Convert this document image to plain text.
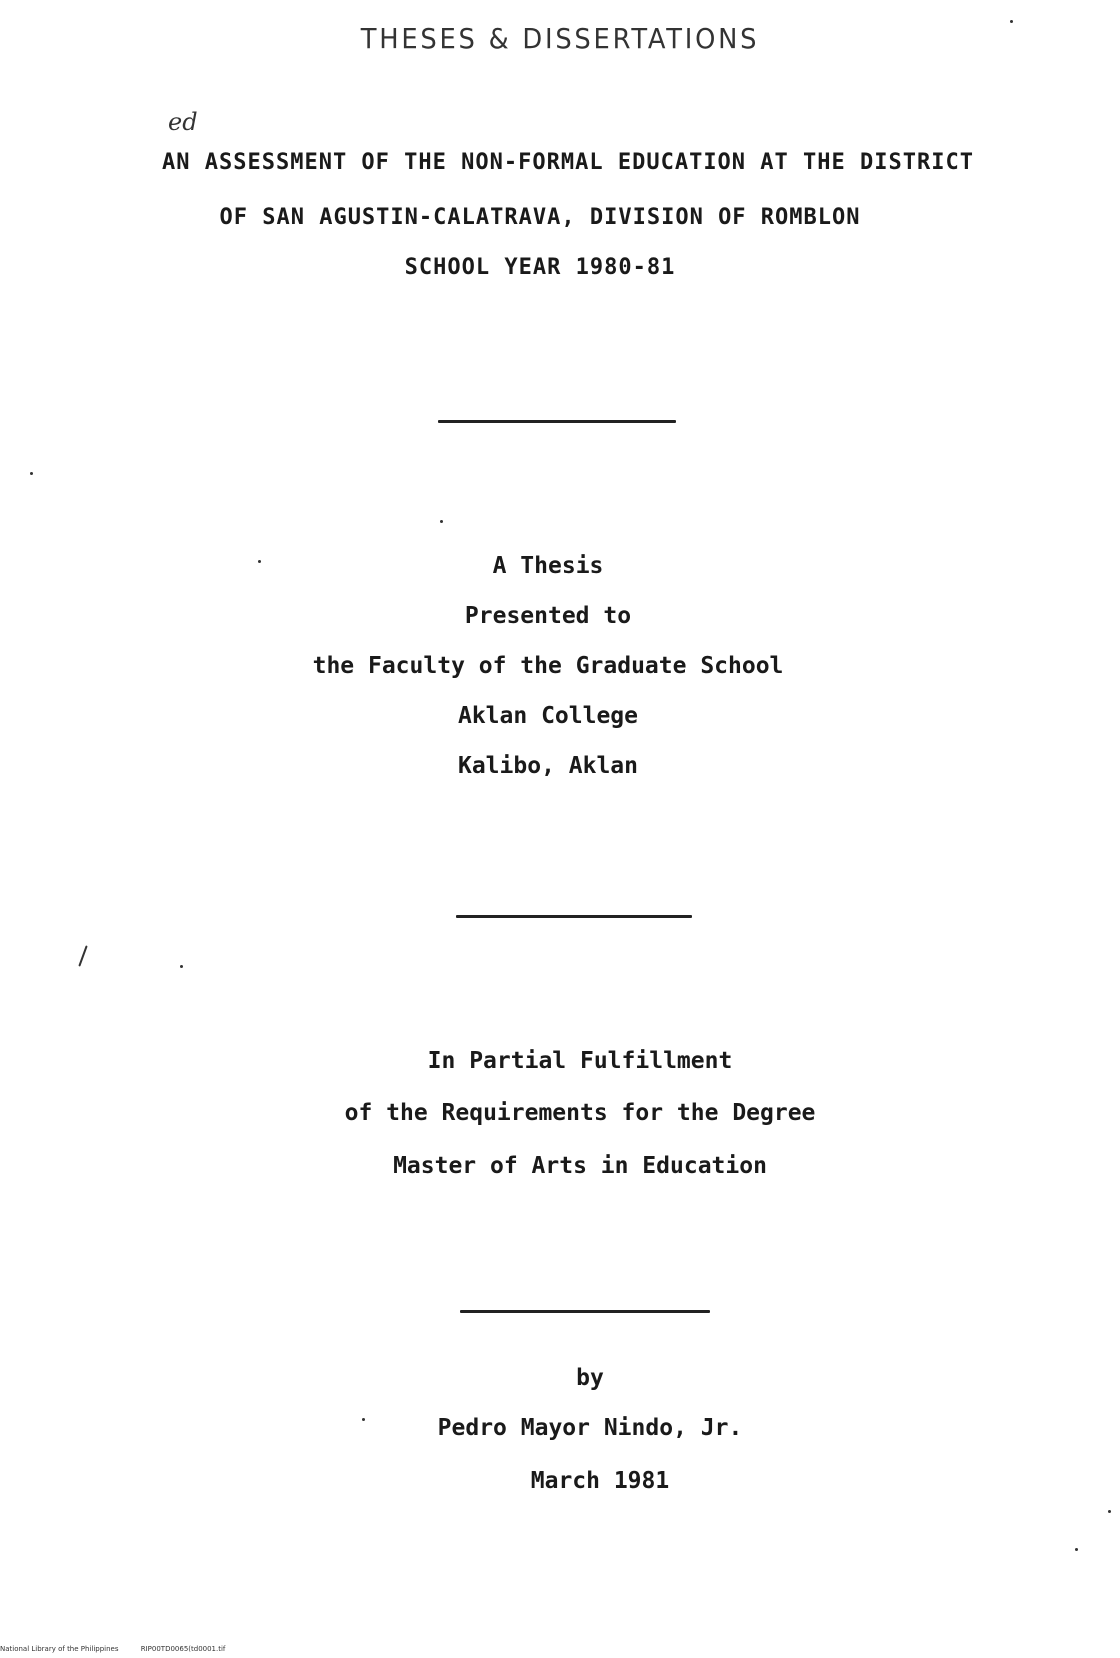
THESES & DISSERTATIONS
ed
AN ASSESSMENT OF THE NON-FORMAL EDUCATION AT THE DISTRICT
OF SAN AGUSTIN-CALATRAVA, DIVISION OF ROMBLON
SCHOOL YEAR 1980-81
A Thesis
Presented to
the Faculty of the Graduate School
Aklan College
Kalibo, Aklan
In Partial Fulfillment
of the Requirements for the Degree
Master of Arts in Education
by
Pedro Mayor Nindo, Jr.
March 1981
National Library of the Philippines	RIP00TD0065(td0001.tif
